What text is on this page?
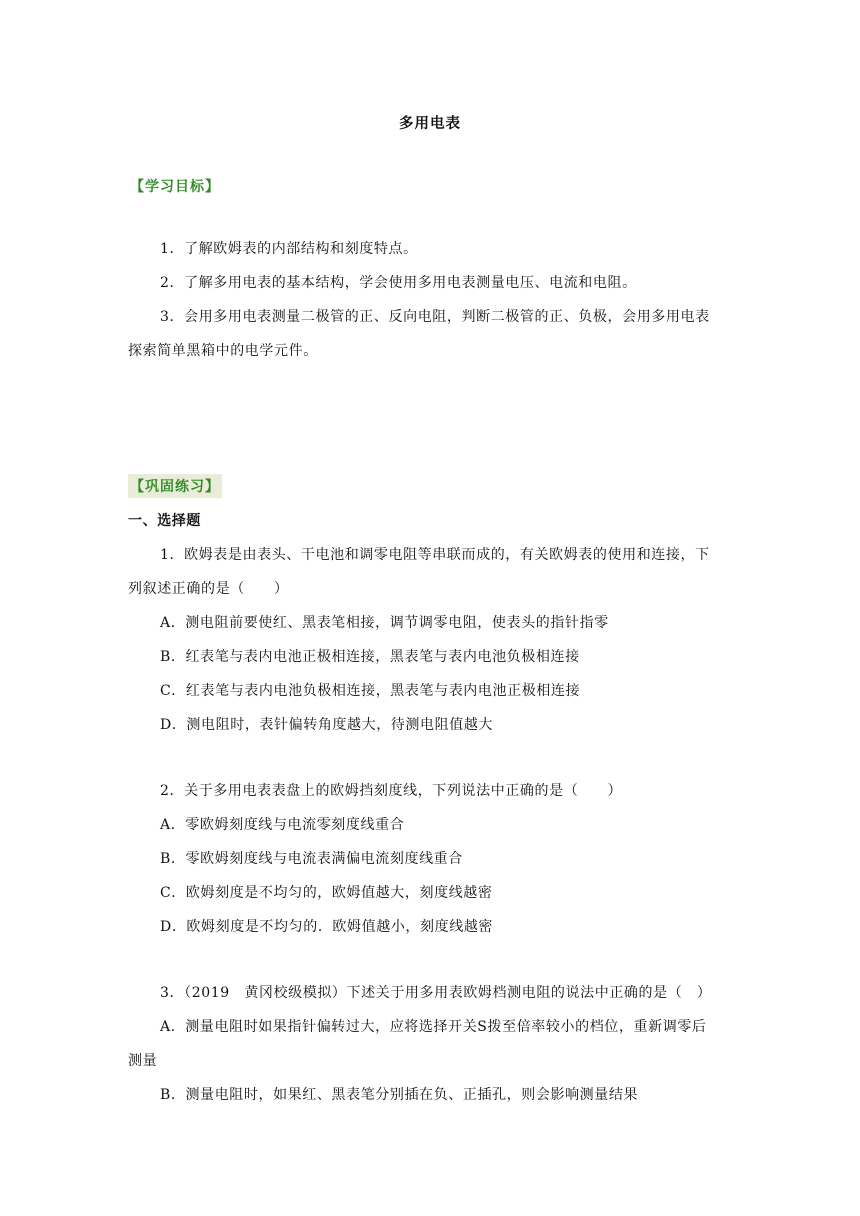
多用电表
【学习目标】
1．了解欧姆表的内部结构和刻度特点。
2．了解多用电表的基本结构，学会使用多用电表测量电压、电流和电阻。
3．会用多用电表测量二极管的正、反向电阻，判断二极管的正、负极，会用多用电表
探索简单黑箱中的电学元件。
【巩固练习】
一、选择题
1．欧姆表是由表头、干电池和调零电阻等串联而成的，有关欧姆表的使用和连接，下
列叙述正确的是（　　）
A．测电阻前要使红、黑表笔相接，调节调零电阻，使表头的指针指零
B．红表笔与表内电池正极相连接，黑表笔与表内电池负极相连接
C．红表笔与表内电池负极相连接，黑表笔与表内电池正极相连接
D．测电阻时，表针偏转角度越大，待测电阻值越大
2．关于多用电表表盘上的欧姆挡刻度线，下列说法中正确的是（　　）
A．零欧姆刻度线与电流零刻度线重合
B．零欧姆刻度线与电流表满偏电流刻度线重合
C．欧姆刻度是不均匀的，欧姆值越大，刻度线越密
D．欧姆刻度是不均匀的．欧姆值越小，刻度线越密
3．（2019　黄冈校级模拟）下述关于用多用表欧姆档测电阻的说法中正确的是（　）
A．测量电阻时如果指针偏转过大，应将选择开关S拨至倍率较小的档位，重新调零后
测量
B．测量电阻时，如果红、黑表笔分别插在负、正插孔，则会影响测量结果
